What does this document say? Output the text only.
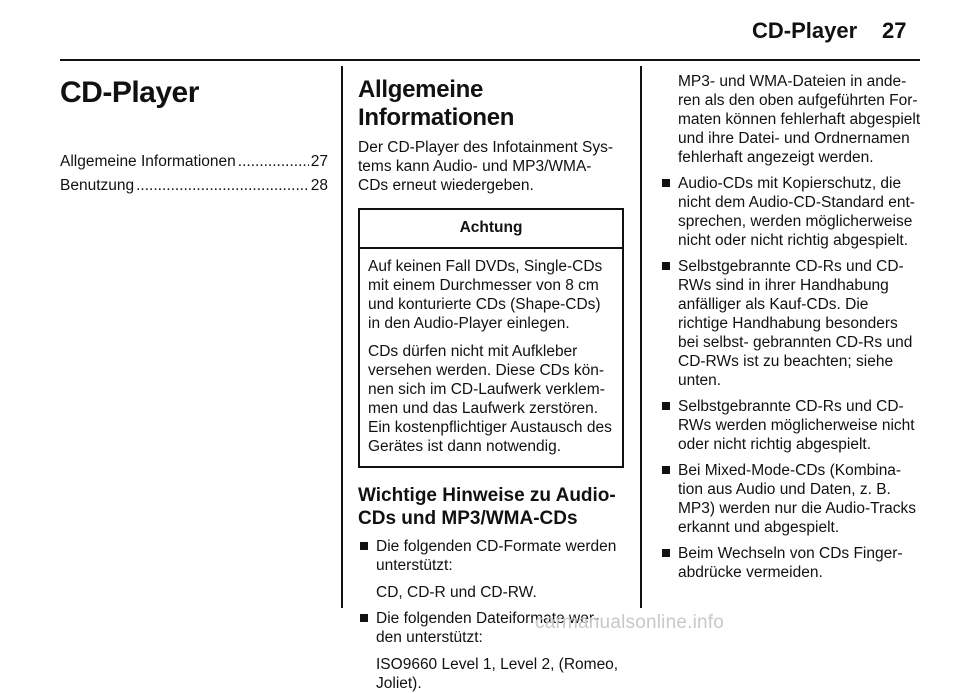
CD-Player 27
CD-Player
Allgemeine Informationen .....	27
Benutzung .....	28
Allgemeine Informationen
Der CD-Player des Infotainment Sys- tems kann Audio- und MP3/WMA- CDs erneut wiedergeben.
Achtung
Auf keinen Fall DVDs, Single-CDs mit einem Durchmesser von 8 cm und konturierte CDs (Shape-CDs) in den Audio-Player einlegen.
CDs dürfen nicht mit Aufkleber versehen werden. Diese CDs kön- nen sich im CD-Laufwerk verklem- men und das Laufwerk zerstören. Ein kostenpflichtiger Austausch des Gerätes ist dann notwendig.
Wichtige Hinweise zu Audio- CDs und MP3/WMA-CDs
Die folgenden CD-Formate werden unterstützt:
CD, CD-R und CD-RW.
Die folgenden Dateiformate wer- den unterstützt:
ISO9660 Level 1, Level 2, (Romeo, Joliet).
MP3- und WMA-Dateien in ande- ren als den oben aufgeführten For- maten können fehlerhaft abgespielt und ihre Datei- und Ordnernamen fehlerhaft angezeigt werden.
Audio-CDs mit Kopierschutz, die nicht dem Audio-CD-Standard ent- sprechen, werden möglicherweise nicht oder nicht richtig abgespielt.
Selbstgebrannte CD-Rs und CD-RWs sind in ihrer Handhabung anfälliger als Kauf-CDs. Die richtige Handhabung besonders bei selbst- gebrannten CD-Rs und CD-RWs ist zu beachten; siehe unten.
Selbstgebrannte CD-Rs und CD- RWs werden möglicherweise nicht oder nicht richtig abgespielt.
Bei Mixed-Mode-CDs (Kombina- tion aus Audio und Daten, z. B. MP3) werden nur die Audio-Tracks erkannt und abgespielt.
Beim Wechseln von CDs Finger- abdrücke vermeiden.
carmanualsonline.info
